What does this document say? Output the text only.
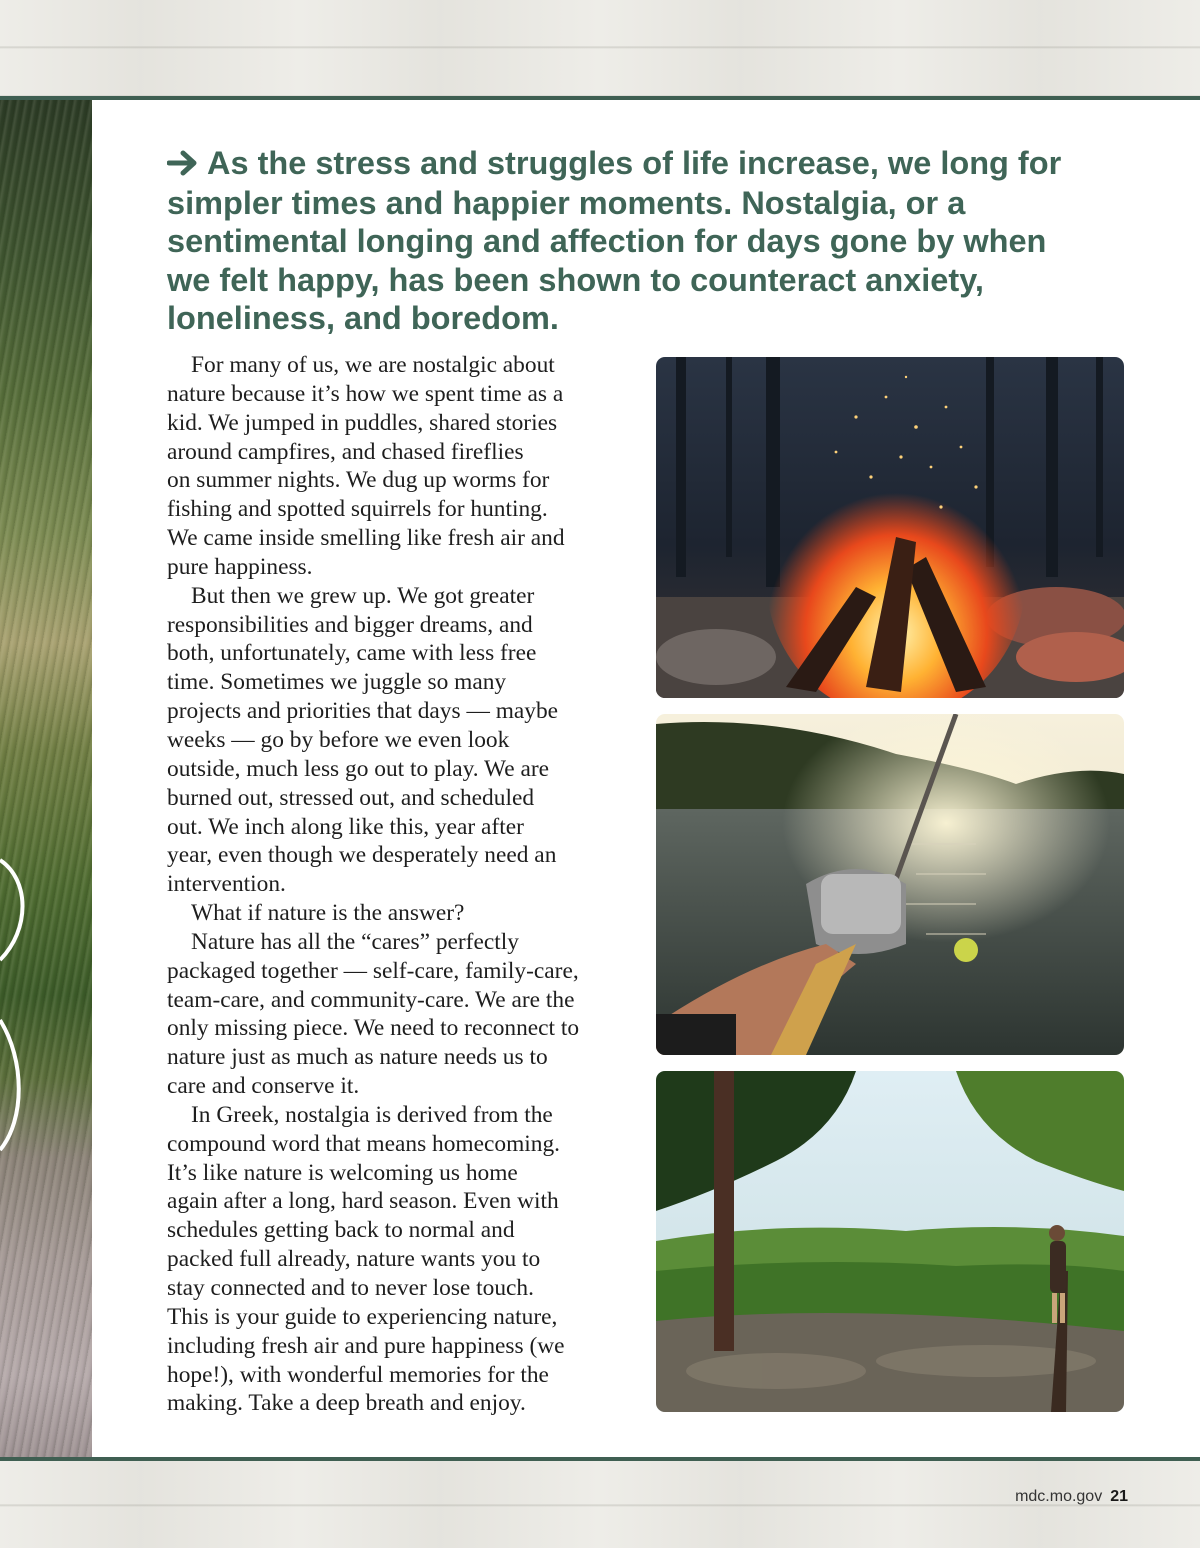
As the stress and struggles of life increase, we long for simpler times and happier moments. Nostalgia, or a sentimental longing and affection for days gone by when we felt happy, has been shown to counteract anxiety, loneliness, and boredom.

For many of us, we are nostalgic about
nature because it’s how we spent time as a
kid. We jumped in puddles, shared stories
around campfires, and chased fireflies
on summer nights. We dug up worms for
fishing and spotted squirrels for hunting.
We came inside smelling like fresh air and
pure happiness.

But then we grew up. We got greater
responsibilities and bigger dreams, and
both, unfortunately, came with less free
time. Sometimes we juggle so many
projects and priorities that days — maybe
weeks — go by before we even look
outside, much less go out to play. We are
burned out, stressed out, and scheduled
out. We inch along like this, year after
year, even though we desperately need an
intervention.

What if nature is the answer?

Nature has all the “cares” perfectly
packaged together — self-care, family-care,
team-care, and community-care. We are the
only missing piece. We need to reconnect to
nature just as much as nature needs us to
care and conserve it.

In Greek, nostalgia is derived from the
compound word that means homecoming.
It’s like nature is welcoming us home
again after a long, hard season. Even with
schedules getting back to normal and
packed full already, nature wants you to
stay connected and to never lose touch.
This is your guide to experiencing nature,
including fresh air and pure happiness (we
hope!), with wonderful memories for the
making. Take a deep breath and enjoy.

mdc.mo.gov 21
